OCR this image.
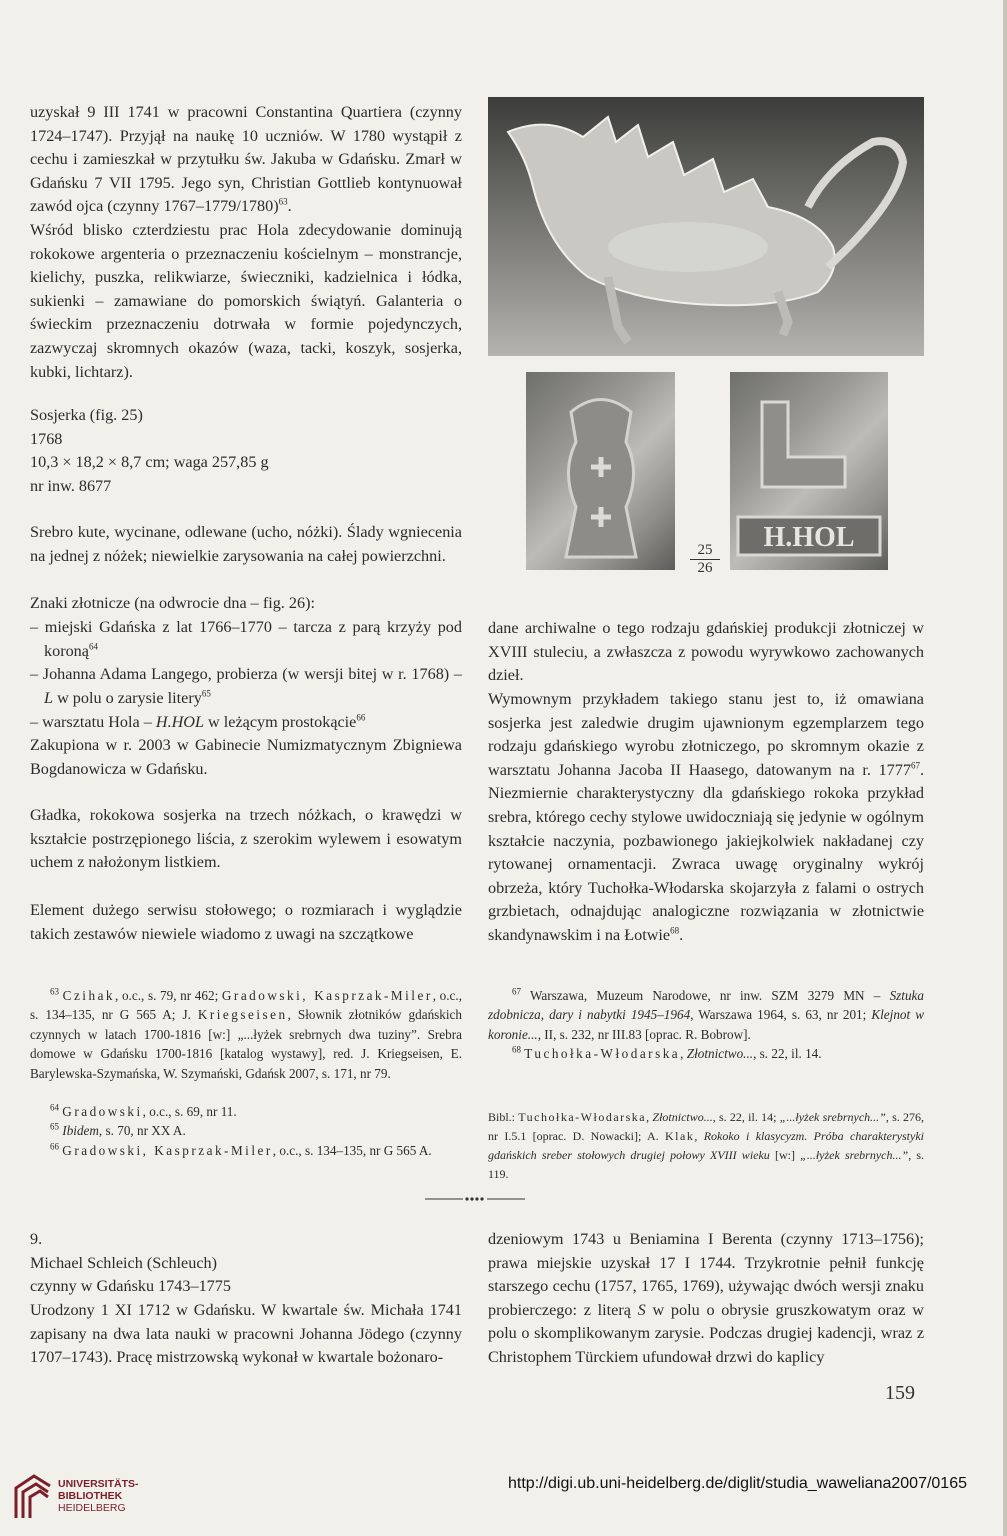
uzyskał 9 III 1741 w pracowni Constantina Quartiera (czynny 1724–1747). Przyjął na naukę 10 uczniów. W 1780 wystąpił z cechu i zamieszkał w przytułku św. Jakuba w Gdańsku. Zmarł w Gdańsku 7 VII 1795. Jego syn, Christian Gottlieb kontynuował zawód ojca (czynny 1767–1779/1780)$^{63}$.

Wśród blisko czterdziestu prac Hola zdecydowanie dominują rokokowe argenteria o przeznaczeniu kościelnym – monstrancje, kielichy, puszka, relikwiarze, świeczniki, kadzielnica i łódka, sukienki – zamawiane do pomorskich świątyń. Galanteria o świeckim przeznaczeniu dotrwała w formie pojedynczych, zazwyczaj skromnych okazów (waza, tacki, koszyk, sosjerka, kubki, lichtarz).

Sosjerka (fig. 25)

1768

10,3 × 18,2 × 8,7 cm; waga 257,85 g

nr inw. 8677

Srebro kute, wycinane, odlewane (ucho, nóżki). Ślady wgniecenia na jednej z nóżek; niewielkie zarysowania na całej powierzchni.

Znaki złotnicze (na odwrocie dna – fig. 26):

– miejski Gdańska z lat 1766–1770 – tarcza z parą krzyży pod koroną$^{64}$

– Johanna Adama Langego, probierza (w wersji bitej w r. 1768) – L w polu o zarysie litery$^{65}$

– warsztatu Hola – H.HOL w leżącym prostokącie$^{66}$

Zakupiona w r. 2003 w Gabinecie Numizmatycznym Zbigniewa Bogdanowicza w Gdańsku.

Gładka, rokokowa sosjerka na trzech nóżkach, o krawędzi w kształcie postrzępionego liścia, z szerokim wylewem i esowatym uchem z nałożonym listkiem.

Element dużego serwisu stołowego; o rozmiarach i wyglądzie takich zestawów niewiele wiadomo z uwagi na szczątkowe

$^{63}$ Czihak, o.c., s. 79, nr 462; Gradowski, Kasprzak-Miler, o.c., s. 134–135, nr G 565 A; J. Kriegseisen, Słownik złotników gdańskich czynnych w latach 1700-1816 [w:] „...łyżek srebrnych dwa tuziny”. Srebra domowe w Gdańsku 1700-1816 [katalog wystawy], red. J. Kriegseisen, E. Barylewska-Szymańska, W. Szymański, Gdańsk 2007, s. 171, nr 79.

$^{64}$ Gradowski, o.c., s. 69, nr 11.

$^{65}$ Ibidem, s. 70, nr XX A.

$^{66}$ Gradowski, Kasprzak-Miler, o.c., s. 134–135, nr G 565 A.

H.HOL
25
26

dane archiwalne o tego rodzaju gdańskiej produkcji złotniczej w XVIII stuleciu, a zwłaszcza z powodu wyrywkowo zachowanych dzieł.

Wymownym przykładem takiego stanu jest to, iż omawiana sosjerka jest zaledwie drugim ujawnionym egzemplarzem tego rodzaju gdańskiego wyrobu złotniczego, po skromnym okazie z warsztatu Johanna Jacoba II Haasego, datowanym na r. 1777$^{67}$. Niezmiernie charakterystyczny dla gdańskiego rokoka przykład srebra, którego cechy stylowe uwidoczniają się jedynie w ogólnym kształcie naczynia, pozbawionego jakiejkolwiek nakładanej czy rytowanej ornamentacji. Zwraca uwagę oryginalny wykrój obrzeża, który Tuchołka-Włodarska skojarzyła z falami o ostrych grzbietach, odnajdując analogiczne rozwiązania w złotnictwie skandynawskim i na Łotwie$^{68}$.

$^{67}$ Warszawa, Muzeum Narodowe, nr inw. SZM 3279 MN – Sztuka zdobnicza, dary i nabytki 1945–1964, Warszawa 1964, s. 63, nr 201; Klejnot w koronie..., II, s. 232, nr III.83 [oprac. R. Bobrow].

$^{68}$ Tuchołka-Włodarska, Złotnictwo..., s. 22, il. 14.

Bibl.: Tuchołka-Włodarska, Złotnictwo..., s. 22, il. 14; „...łyżek srebrnych...”, s. 276, nr I.5.1 [oprac. D. Nowacki]; A. Klak, Rokoko i klasycyzm. Próba charakterystyki gdańskich sreber stołowych drugiej połowy XVIII wieku [w:] „...łyżek srebrnych...”, s. 119.

9.

Michael Schleich (Schleuch)

czynny w Gdańsku 1743–1775

Urodzony 1 XI 1712 w Gdańsku. W kwartale św. Michała 1741 zapisany na dwa lata nauki w pracowni Johanna Jödego (czynny 1707–1743). Pracę mistrzowską wykonał w kwartale bożonaro-

dzeniowym 1743 u Beniamina I Berenta (czynny 1713–1756); prawa miejskie uzyskał 17 I 1744. Trzykrotnie pełnił funkcję starszego cechu (1757, 1765, 1769), używając dwóch wersji znaku probierczego: z literą S w polu o obrysie gruszkowatym oraz w polu o skomplikowanym zarysie. Podczas drugiej kadencji, wraz z Christophem Türckiem ufundował drzwi do kaplicy

159
UNIVERSITÄTS-
BIBLIOTHEK
HEIDELBERG
http://digi.ub.uni-heidelberg.de/diglit/studia_waweliana2007/0165
